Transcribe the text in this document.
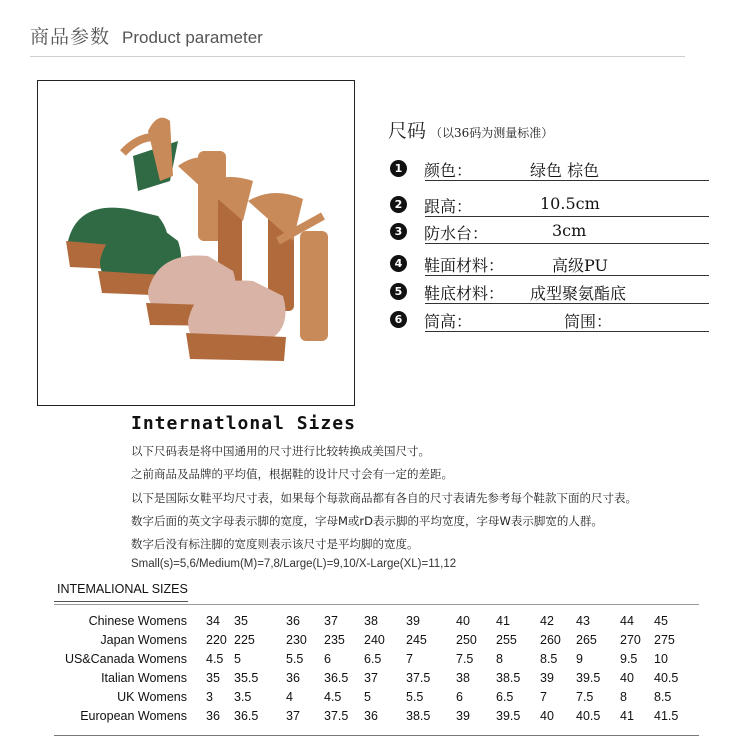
商品参数 Product parameter
尺码 （以36码为测量标准）
1 颜色：	绿色 棕色
2 跟高：	10.5cm
3 防水台：	3cm
4 鞋面材料：	高级PU
5 鞋底材料： 成型聚氨酯底
6 筒高：	筒围：
Internatlonal Sizes
以下尺码表是将中国通用的尺寸进行比较转换成美国尺寸。
之前商品及品牌的平均值，根据鞋的设计尺寸会有一定的差距。
以下是国际女鞋平均尺寸表，如果每个每款商品都有各自的尺寸表请先参考每个鞋款下面的尺寸表。
数字后面的英文字母表示脚的宽度，字母M或rD表示脚的平均宽度，字母W表示脚宽的人群。
数字后没有标注脚的宽度则表示该尺寸是平均脚的宽度。
Small(s)=5,6/Medium(M)=7,8/Large(L)=9,10/X-Large(XL)=11,12
INTEMALIONAL SIZES
Chinese Womens 34 35	36 37 38 39	40 41 42 43 44 45
Japan Womens 220 225 230 235 240 245 250 255 260 265 270 275
US&Canada Womens 4.5 5	5.5 6	6.5 7	7.5 8	8.5 9	9.5 10
Italian Womens 35 35.5 36 36.5 37 37.5 38 38.5 39 39.5 40 40.5
UK Womens 3 3.5	4 4.5 5	5.5	6	6.5 7 7.5 8 8.5
European Womens 36 36.5 37 37.5 36 38.5 39 39.5 40 40.5 41 41.5
